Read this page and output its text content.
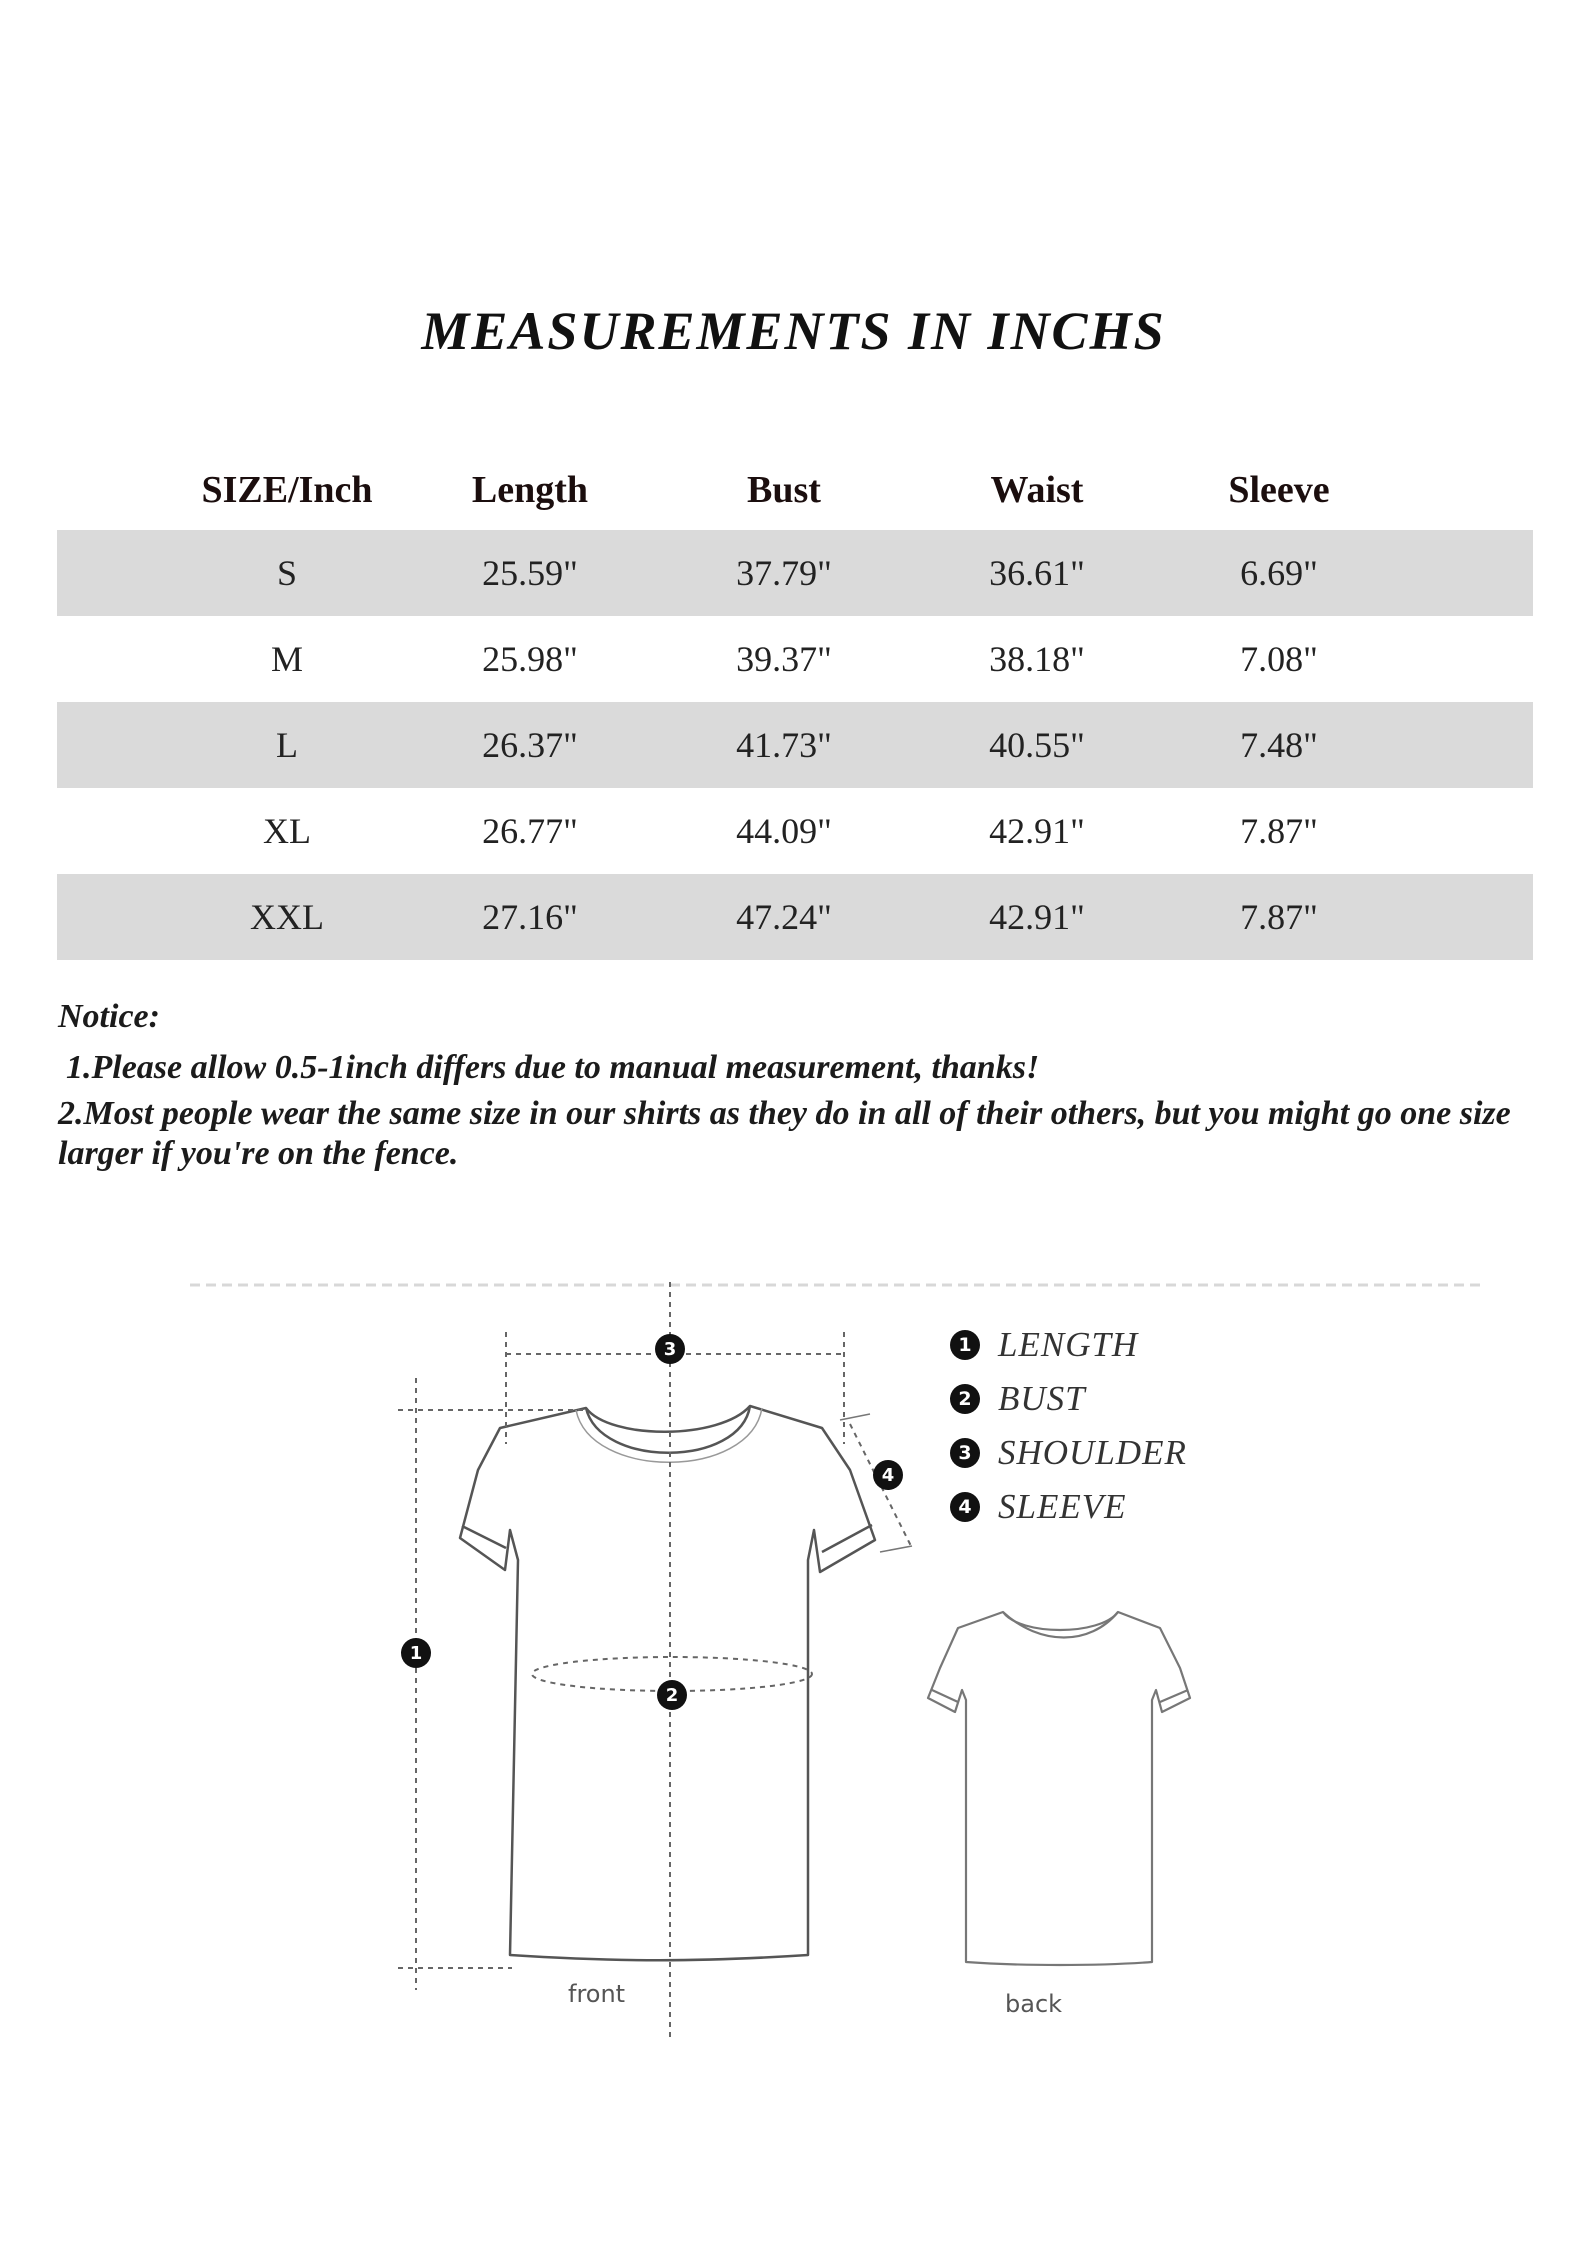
MEASUREMENTS IN INCHS
SIZE/Inch	Length	Bust	Waist	Sleeve
S	25.59"	37.79"	36.61"	6.69"
M	25.98"	39.37"	38.18"	7.08"
L	26.37"	41.73"	40.55"	7.48"
XL	26.77"	44.09"	42.91"	7.87"
XXL	27.16"	47.24"	42.91"	7.87"
Notice:
1.Please allow 0.5-1inch differs due to manual measurement, thanks!
2.Most people wear the same size in our shirts as they do in all of their others, but you might go one size larger if you're on the fence.
3
4
1
2
1 LENGTH
2 BUST
3 SHOULDER
4 SLEEVE
front	back
